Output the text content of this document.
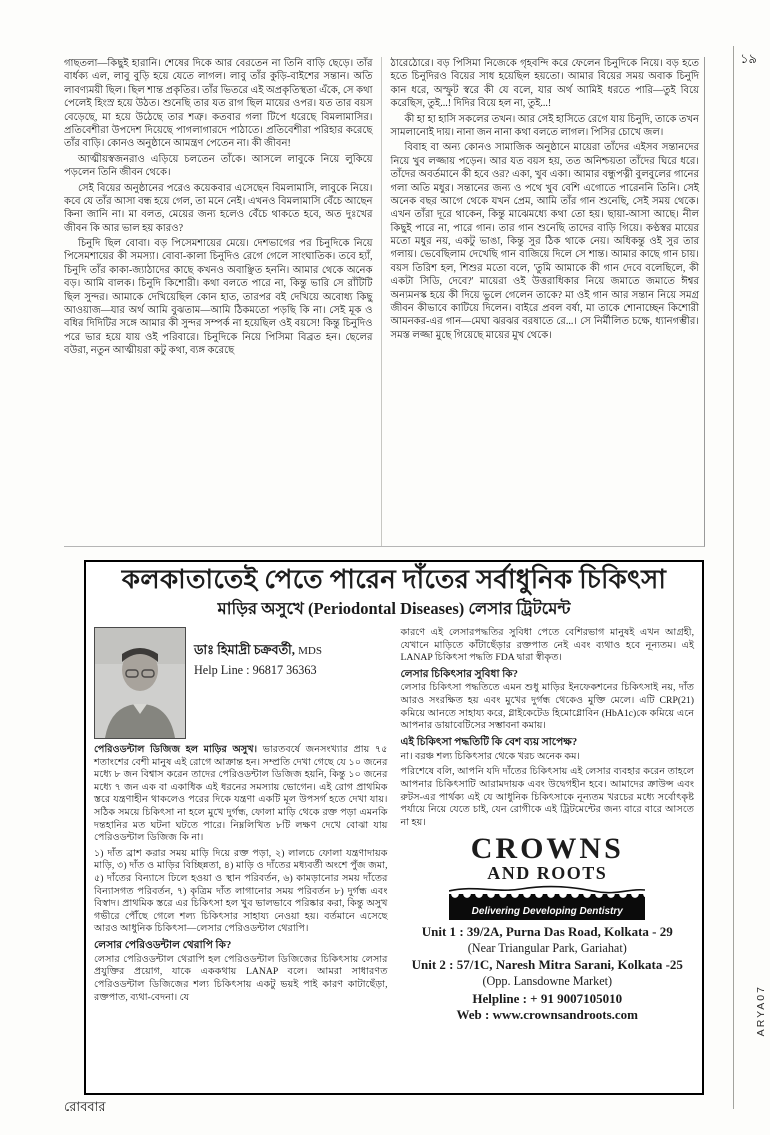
১৯
ARYA07
রোববার

গাছতলা—কিছুই হারানি। শেষের দিকে আর বেরতেন না তিনি বাড়ি ছেড়ে। তাঁর বার্ধক্য এল, লাবু বুড়ি হয়ে যেতে লাগল। লাবু তাঁর কুড়ি-বাইশের সন্তান। অতি লাবণ্যময়ী ছিল। ছিল শান্ত প্রকৃতির। তাঁর ভিতরে এই অপ্রকৃতিস্থতা এঁকে, সে কথা পেলেই হিংস্র হয়ে উঠত। শুনেছি তার যত রাগ ছিল মায়ের ওপর। যত তার বয়স বেড়েছে, মা হয়ে উঠেছে তার শত্রু। কতবার গলা টিপে ধরেছে বিমলামাসির। প্রতিবেশীরা উপদেশ দিয়েছে পাগলাগারদে পাঠাতে। প্রতিবেশীরা পরিহার করেছে তাঁর বাড়ি। কোনও অনুষ্ঠানে আমন্ত্রণ পেতেন না। কী জীবন!

আত্মীয়স্বজনরাও এড়িয়ে চলতেন তাঁকে। আসলে লাবুকে নিয়ে লুকিয়ে পড়লেন তিনি জীবন থেকে।

সেই বিয়ের অনুষ্ঠানের পরেও কয়েকবার এসেছেন বিমলামাসি, লাবুকে নিয়ে। কবে যে তাঁর আসা বন্ধ হয়ে গেল, তা মনে নেই। এখনও বিমলামাসি বেঁচে আছেন কিনা জানি না। মা বলত, মেয়ের জন্য হলেও বেঁচে থাকতে হবে, অত দুঃখের জীবন কি আর ভাল হয় কারও?

চিনুদি ছিল বোবা। বড় পিসেমশায়ের মেয়ে। দেশভাগের পর চিনুদিকে নিয়ে পিসেমশায়ের কী সমস্যা। বোবা-কালা চিনুদিও রেগে গেলে সাংঘাতিক। তবে হ্যাঁ, চিনুদি তাঁর কাকা-জ্যাঠাদের কাছে কখনও অবাঞ্ছিত হননি। আমার থেকে অনেক বড়। আমি বালক। চিনুদি কিশোরী। কথা বলতে পারে না, কিন্তু ভারি সে রাঁটিটি ছিল সুন্দর। আমাকে দেখিয়েছিল কোন হাত, তারপর বই দেখিয়ে অবোধ্য কিছু আওয়াজ—যার অর্থ আমি বুঝতাম—আমি ঠিকমতো পড়ছি কি না। সেই মূক ও বধির দিদিটির সঙ্গে আমার কী সুন্দর সম্পর্ক না হয়েছিল ওই বয়সে! কিন্তু চিনুদিও পরে ভার হয়ে যায় ওই পরিবারে। চিনুদিকে নিয়ে পিসিমা বিব্রত হন। ছেলের বউরা, নতুন আত্মীয়রা কটু কথা, ব্যঙ্গ করেছে

ঠারেঠোরে। বড় পিসিমা নিজেকে গৃহবন্দি করে ফেলেন চিনুদিকে নিয়ে। বড় হতে হতে চিনুদিরও বিয়ের সাধ হয়েছিল হয়তো। আমার বিয়ের সময় অবাক চিনুদি কান ধরে, অস্ফুট স্বরে কী যে বলে, যার অর্থ আমিই ধরতে পারি—তুই বিয়ে করেছিস, তুই...! দিদির বিয়ে হল না, তুই...!

কী হা হা হাসি সকলের তখন। আর সেই হাসিতে রেগে যায় চিনুদি, তাকে তখন সামলানোই দায়। নানা জন নানা কথা বলতে লাগল। পিসির চোখে জল।

বিবাহ বা অন্য কোনও সামাজিক অনুষ্ঠানে মায়েরা তাঁদের এইসব সন্তানদের নিয়ে খুব লজ্জায় পড়েন। আর যত বয়স হয়, তত অনিশ্চয়তা তাঁদের ঘিরে ধরে। তাঁদের অবর্তমানে কী হবে ওর? একা, খুব একা। আমার বন্ধুপত্নী বুলবুলের গানের গলা অতি মধুর। সন্তানের জন্য ও পথে খুব বেশি এগোতে পারেননি তিনি। সেই অনেক বছর আগে থেকে যখন প্রেম, আমি তাঁর গান শুনেছি, সেই সময় থেকে। এখন তাঁরা দূরে থাকেন, কিন্তু মাঝেমধ্যে কথা তো হয়। ছায়া-আসা আছে। নীল কিছুই পারে না, পারে গান। তার গান শুনেছি তাদের বাড়ি গিয়ে। কণ্ঠস্বর মায়ের মতো মধুর নয়, একটু ভাঙা, কিন্তু সুর ঠিক থাকে নেয়। অধিকন্তু ওই সুর তার গলায়। ভেবেছিলাম দেখেছি গান বাজিয়ে দিলে সে শান্ত। আমার কাছে গান চায়। বয়স তিরিশ হল, শিশুর মতো বলে, 'তুমি আমাকে কী গান দেবে বলেছিলে, কী একটা সিডি, দেবে?' মায়েরা ওই উত্তরাধিকার নিয়ে জমাতে জমাতে ঈশ্বর অন্যমনস্ক হয়ে কী দিয়ে ভুলে গেলেন তাকে? মা ওই গান আর সন্তান নিয়ে সমগ্র জীবন কীভাবে কাটিয়ে দিলেন। বাইরে প্রবল বর্ষা, মা তাকে শোনাচ্ছেন কিশোরী আমনকর-এর গান—মেঘা ঝরঝর বরষাতে রে...। সে নির্মীলিত চক্ষে, ধ্যানগম্ভীর। সমস্ত লজ্জা মুছে গিয়েছে মায়ের মুখ থেকে।

কলকাতাতেই পেতে পারেন দাঁতের সর্বাধুনিক চিকিৎসা
মাড়ির অসুখে (Periodontal Diseases) লেসার ট্রিটমেন্ট
ডাঃ হিমাদ্রী চক্রবর্তী, MDS
Help Line : 96817 36363

পেরিওডন্টাল ডিজিজ হল মাড়ির অসুখ। ভারতবর্ষে জনসংখ্যার প্রায় ৭৫ শতাংশের বেশী মানুষ এই রোগে আক্রান্ত হন। সম্প্রতি দেখা গেছে যে ১০ জনের মধ্যে ৮ জন বিশ্বাস করেন তাদের পেরিওডন্টাল ডিজিজ হয়নি, কিন্তু ১০ জনের মধ্যে ৭ জন এক বা একাধিক এই ধরনের সমস্যায় ভোগেন। এই রোগ প্রাথমিক স্তরে যন্ত্রণাহীন থাকলেও পরের দিকে যন্ত্রণা একটি মূল উপসর্গ হতে দেখা যায়। সঠিক সময়ে চিকিৎসা না হলে মুখে দুর্গন্ধ, ফোলা মাড়ি থেকে রক্ত পড়া এমনকি দন্তহানির মত ঘটনা ঘটতে পারে। নিম্নলিখিত ৮টি লক্ষণ দেখে বোঝা যায় পেরিওডন্টাল ডিজিজ কি না।

১) দাঁত ব্রাশ করার সময় মাড়ি দিয়ে রক্ত পড়া, ২) লালচে ফোলা যন্ত্রণাদায়ক মাড়ি, ৩) দাঁত ও মাড়ির বিচ্ছিন্নতা, ৪) মাড়ি ও দাঁতের মধ্যবর্তী অংশে পুঁজ জমা, ৫) দাঁতের বিন্যাসে ঢিলে হওয়া ও স্থান পরিবর্তন, ৬) কামড়ানোর সময় দাঁতের বিন্যাসগত পরিবর্তন, ৭) কৃত্রিম দাঁত লাগানোর সময় পরিবর্তন ৮) দুর্গন্ধ এবং বিস্বাদ। প্রাথমিক স্তরে এর চিকিৎসা হল খুব ভালভাবে পরিষ্কার করা, কিন্তু অসুখ গভীরে পৌঁছে গেলে শল্য চিকিৎসার সাহায্য নেওয়া হয়। বর্তমানে এসেছে আরও আধুনিক চিকিৎসা—লেসার পেরিওডন্টাল থেরাপি।

লেসার পেরিওডন্টাল থেরাপি কি?

লেসার পেরিওডন্টাল থেরাপি হল পেরিওডন্টাল ডিজিজের চিকিৎসায় লেসার প্রযুক্তির প্রয়োগ, যাকে এককথায় LANAP বলে। আমরা সাধারণত পেরিওডন্টাল ডিজিজের শল্য চিকিৎসায় একটু ভয়ই পাই কারণ কাটাছেঁড়া, রক্তপাত, ব্যথা-বেদনা। যে

কারণে এই লেসারপদ্ধতির সুবিধা পেতে বেশিরভাগ মানুষই এখন আগ্রহী, যেখানে মাড়িতে কাঁটাছেঁড়ার রক্তপাত নেই এবং ব্যথাও হবে নূন্যতম। এই LANAP চিকিৎসা পদ্ধতি FDA দ্বারা স্বীকৃত।

লেসার চিকিৎসার সুবিধা কি?

লেসার চিকিৎসা পদ্ধতিতে এমন শুধু মাড়ির ইনফেকশনের চিকিৎসাই নয়, দাঁত আরও সংরক্ষিত হয় এবং মুখের দুর্গন্ধ থেকেও মুক্তি মেলে। এটি CRP(21) কমিয়ে আনতে সাহায্য করে, গ্লাইকেটেড হিমোগ্লোবিন (HbA1c)কে কমিয়ে এনে আপনার ডায়াবেটিসের সম্ভাবনা কমায়।

এই চিকিৎসা পদ্ধতিটি কি বেশ ব্যয় সাপেক্ষ?

না। বরঞ্চ শল্য চিকিৎসার থেকে খরচ অনেক কম।

পরিশেষে বলি, আপনি যদি দাঁতের চিকিৎসায় এই লেসার ব্যবহার করেন তাহলে আপনার চিকিৎসাটি আরামদায়ক এবং উদ্বেগহীন হবে। আমাদের ক্রাউন্স এবং রুটস-এর পার্থক্য এই যে আধুনিক চিকিৎসাকে নূন্যতম খরচের মধ্যে সর্বোৎকৃষ্ট পর্যায়ে নিয়ে যেতে চাই, যেন রোগীকে এই ট্রিটমেন্টের জন্য বারে বারে আসতে না হয়।

CROWNS
AND ROOTS
Delivering Developing Dentistry
Unit 1 : 39/2A, Purna Das Road, Kolkata - 29
(Near Triangular Park, Gariahat)
Unit 2 : 57/1C, Naresh Mitra Sarani, Kolkata -25
(Opp. Lansdowne Market)
Helpline : + 91 9007105010
Web : www.crownsandroots.com
